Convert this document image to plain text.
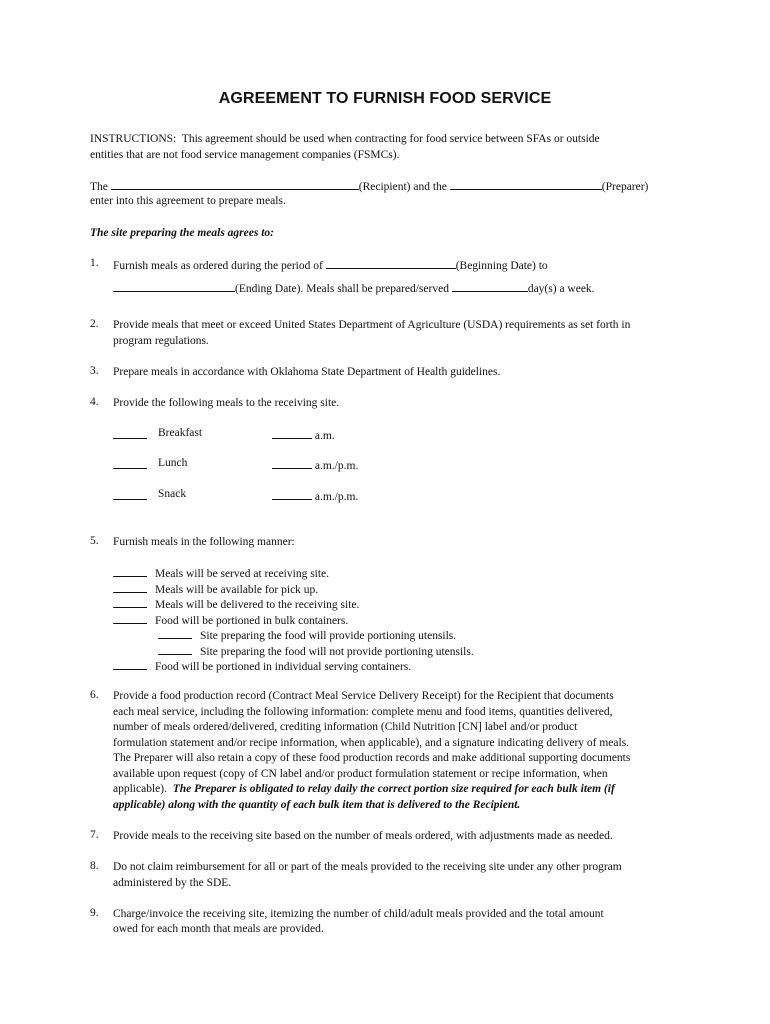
AGREEMENT TO FURNISH FOOD SERVICE
INSTRUCTIONS:  This agreement should be used when contracting for food service between SFAs or outside
entities that are not food service management companies (FSMCs).
The	(Recipient) and the	(Preparer)
enter into this agreement to prepare meals.
The site preparing the meals agrees to:
1. Furnish meals as ordered during the period of	(Beginning Date) to
(Ending Date). Meals shall be prepared/served	day(s) a week.
2. Provide meals that meet or exceed United States Department of Agriculture (USDA) requirements as set forth in
program regulations.
3. Prepare meals in accordance with Oklahoma State Department of Health guidelines.
4. Provide the following meals to the receiving site.
Breakfast	a.m.
Lunch	a.m./p.m.
Snack	a.m./p.m.
5. Furnish meals in the following manner:
Meals will be served at receiving site.
Meals will be available for pick up.
Meals will be delivered to the receiving site.
Food will be portioned in bulk containers.
Site preparing the food will provide portioning utensils.
Site preparing the food will not provide portioning utensils.
Food will be portioned in individual serving containers.
6. Provide a food production record (Contract Meal Service Delivery Receipt) for the Recipient that documents
each meal service, including the following information: complete menu and food items, quantities delivered,
number of meals ordered/delivered, crediting information (Child Nutrition [CN] label and/or product
formulation statement and/or recipe information, when applicable), and a signature indicating delivery of meals.
The Preparer will also retain a copy of these food production records and make additional supporting documents
available upon request (copy of CN label and/or product formulation statement or recipe information, when
applicable).  The Preparer is obligated to relay daily the correct portion size required for each bulk item (if
applicable) along with the quantity of each bulk item that is delivered to the Recipient.
7. Provide meals to the receiving site based on the number of meals ordered, with adjustments made as needed.
8. Do not claim reimbursement for all or part of the meals provided to the receiving site under any other program
administered by the SDE.
9. Charge/invoice the receiving site, itemizing the number of child/adult meals provided and the total amount
owed for each month that meals are provided.
